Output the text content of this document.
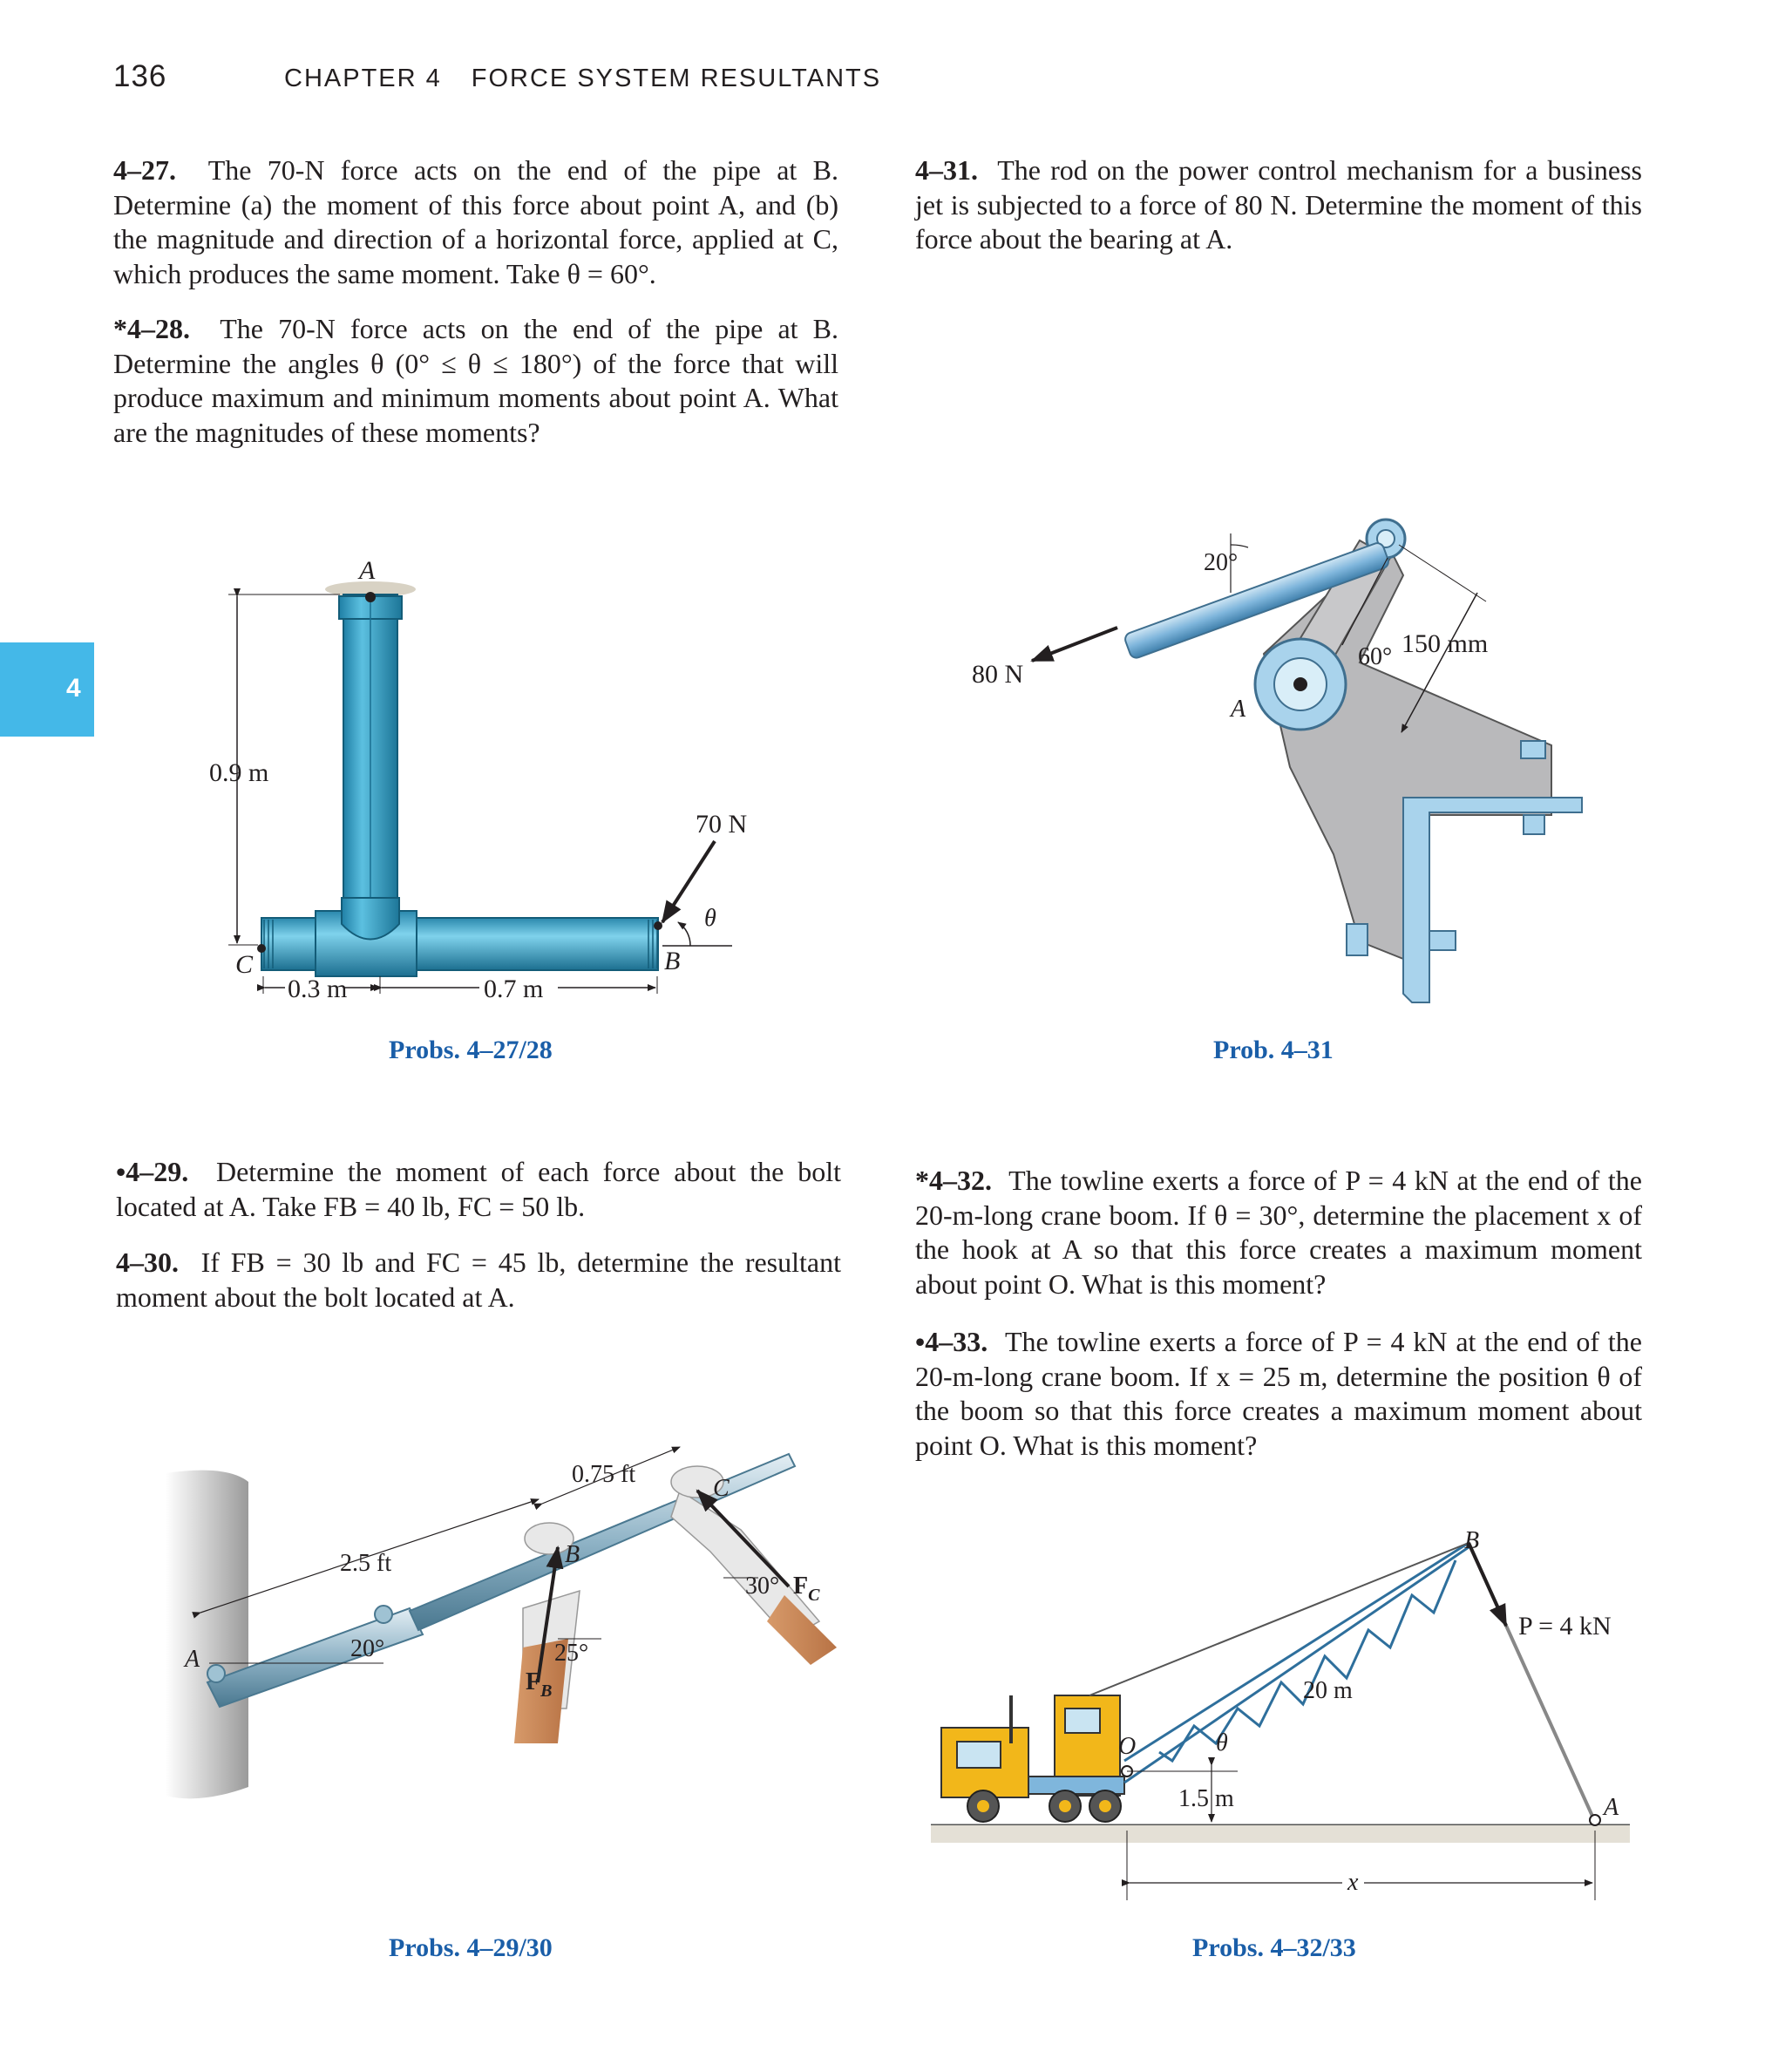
136	CHAPTER 4 FORCE SYSTEM RESULTANTS
4
4–27. The 70-N force acts on the end of the pipe at B. Determine (a) the moment of this force about point A, and (b) the magnitude and direction of a horizontal force, applied at C, which produces the same moment. Take θ = 60°.
*4–28. The 70-N force acts on the end of the pipe at B. Determine the angles θ (0° ≤ θ ≤ 180°) of the force that will produce maximum and minimum moments about point A. What are the magnitudes of these moments?
4–31. The rod on the power control mechanism for a business jet is subjected to a force of 80 N. Determine the moment of this force about the bearing at A.
•4–29. Determine the moment of each force about the bolt located at A. Take FB = 40 lb, FC = 50 lb.
4–30. If FB = 30 lb and FC = 45 lb, determine the resultant moment about the bolt located at A.
*4–32. The towline exerts a force of P = 4 kN at the end of the 20-m-long crane boom. If θ = 30°, determine the placement x of the hook at A so that this force creates a maximum moment about point O. What is this moment?
•4–33. The towline exerts a force of P = 4 kN at the end of the 20-m-long crane boom. If x = 25 m, determine the position θ of the boom so that this force creates a maximum moment about point O. What is this moment?
A
C	B
70 N
θ
0.9 m
0.3 m	0.7 m
Probs. 4–27/28
80 N
20°
60° 150 mm
A
Prob. 4–31
2.5 ft
0.75 ft
A
B
C
20°	25°
30°
$F_B$
$F_C$
Probs. 4–29/30
B
P = 4 kN
20 m
O	θ
1.5 m	A
x
Probs. 4–32/33
